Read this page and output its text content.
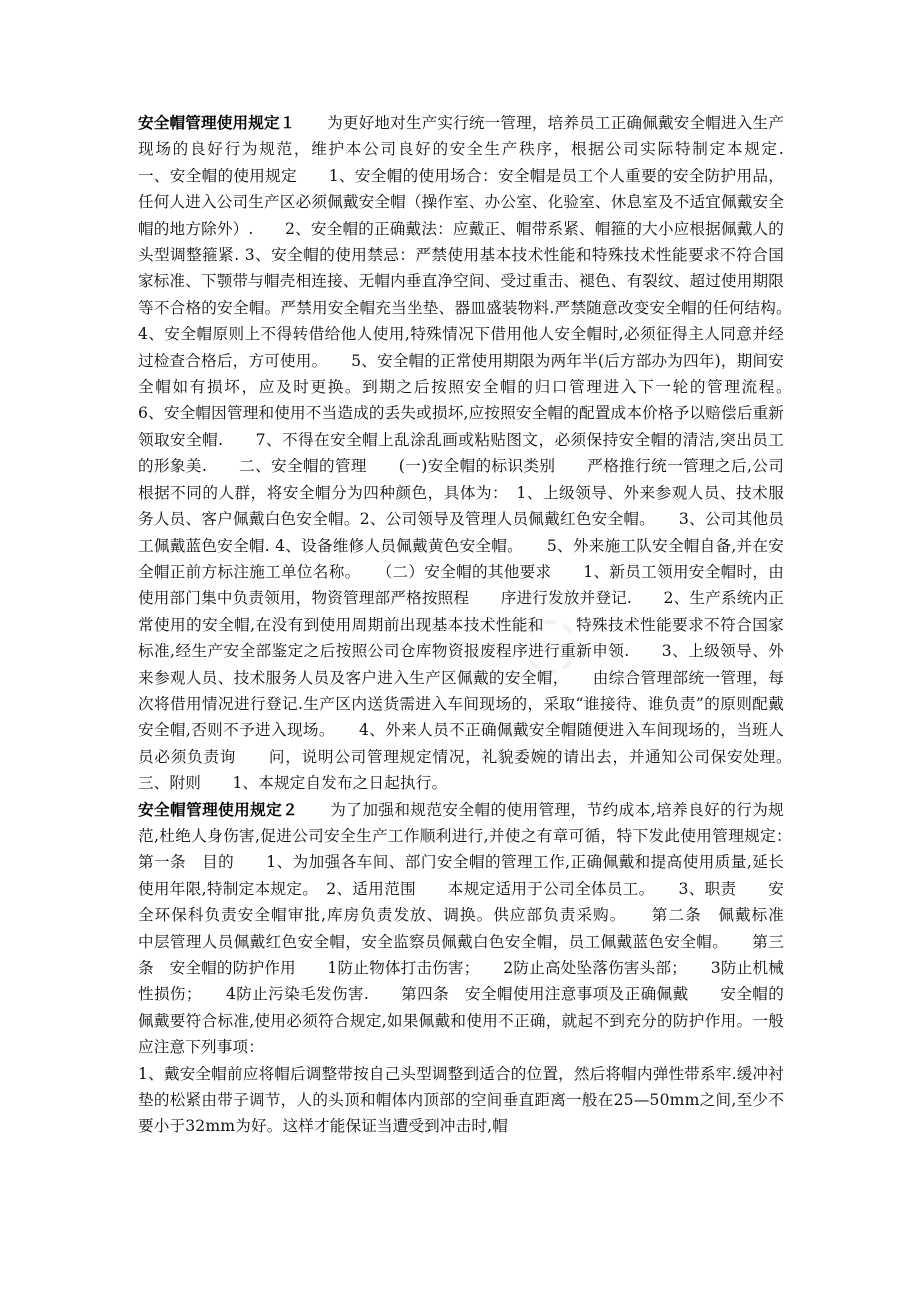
◌

安全帽管理使用规定１　　为更好地对生产实行统一管理，培养员工正确佩戴安全帽进入生产现场的良好行为规范，维护本公司良好的安全生产秩序，根据公司实际特制定本规定.　　一、安全帽的使用规定　　1、安全帽的使用场合：安全帽是员工个人重要的安全防护用品，任何人进入公司生产区必须佩戴安全帽（操作室、办公室、化验室、休息室及不适宜佩戴安全帽的地方除外）.　　2、安全帽的正确戴法：应戴正、帽带系紧、帽箍的大小应根据佩戴人的头型调整箍紧. 3、安全帽的使用禁忌：严禁使用基本技术性能和特殊技术性能要求不符合国家标准、下颚带与帽壳相连接、无帽内垂直净空间、受过重击、褪色、有裂纹、超过使用期限等不合格的安全帽。严禁用安全帽充当坐垫、器皿盛装物料.严禁随意改变安全帽的任何结构。　　4、安全帽原则上不得转借给他人使用,特殊情况下借用他人安全帽时,必须征得主人同意并经过检查合格后，方可使用。　　5、安全帽的正常使用期限为两年半(后方部办为四年)，期间安全帽如有损坏，应及时更换。到期之后按照安全帽的归口管理进入下一轮的管理流程。　　6、安全帽因管理和使用不当造成的丢失或损坏,应按照安全帽的配置成本价格予以赔偿后重新领取安全帽.　　7、不得在安全帽上乱涂乱画或粘贴图文，必须保持安全帽的清洁,突出员工的形象美.　　二、安全帽的管理　　(一)安全帽的标识类别　　严格推行统一管理之后,公司根据不同的人群，将安全帽分为四种颜色，具体为：　1、上级领导、外来参观人员、技术服务人员、客户佩戴白色安全帽。2、公司领导及管理人员佩戴红色安全帽。　　3、公司其他员工佩戴蓝色安全帽. 4、设备维修人员佩戴黄色安全帽。　　5、外来施工队安全帽自备,并在安全帽正前方标注施工单位名称。　　（二）安全帽的其他要求　　1、新员工领用安全帽时，由使用部门集中负责领用，物资管理部严格按照程　　序进行发放并登记.　　2、生产系统内正常使用的安全帽,在没有到使用周期前出现基本技术性能和　　特殊技术性能要求不符合国家标准,经生产安全部鉴定之后按照公司仓库物资报废程序进行重新申领.　　3、上级领导、外来参观人员、技术服务人员及客户进入生产区佩戴的安全帽，　　由综合管理部统一管理，每次将借用情况进行登记.生产区内送货需进入车间现场的，采取“谁接待、谁负责”的原则配戴安全帽,否则不予进入现场。　　4、外来人员不正确佩戴安全帽随便进入车间现场的，当班人员必须负责询　　问，说明公司管理规定情况，礼貌委婉的请出去，并通知公司保安处理。　　三、附则　　1、本规定自发布之日起执行。

安全帽管理使用规定２　　为了加强和规范安全帽的使用管理，节约成本,培养良好的行为规范,杜绝人身伤害,促进公司安全生产工作顺利进行,并使之有章可循，特下发此使用管理规定：　　第一条　目的　　1、为加强各车间、部门安全帽的管理工作,正确佩戴和提高使用质量,延长使用年限,特制定本规定。　2、适用范围　　本规定适用于公司全体员工。　　3、职责　　安全环保科负责安全帽审批,库房负责发放、调换。供应部负责采购。　　第二条　佩戴标准　　中层管理人员佩戴红色安全帽，安全监察员佩戴白色安全帽，员工佩戴蓝色安全帽。　　第三条　安全帽的防护作用　　1防止物体打击伤害；　　2防止高处坠落伤害头部；　　3防止机械性损伤；　　4防止污染毛发伤害.　　第四条　安全帽使用注意事项及正确佩戴　　安全帽的佩戴要符合标准,使用必须符合规定,如果佩戴和使用不正确，就起不到充分的防护作用。一般应注意下列事项：

1、戴安全帽前应将帽后调整带按自己头型调整到适合的位置，然后将帽内弹性带系牢.缓冲衬垫的松紧由带子调节，人的头顶和帽体内顶部的空间垂直距离一般在25—50mm之间,至少不要小于32mm为好。这样才能保证当遭受到冲击时,帽
